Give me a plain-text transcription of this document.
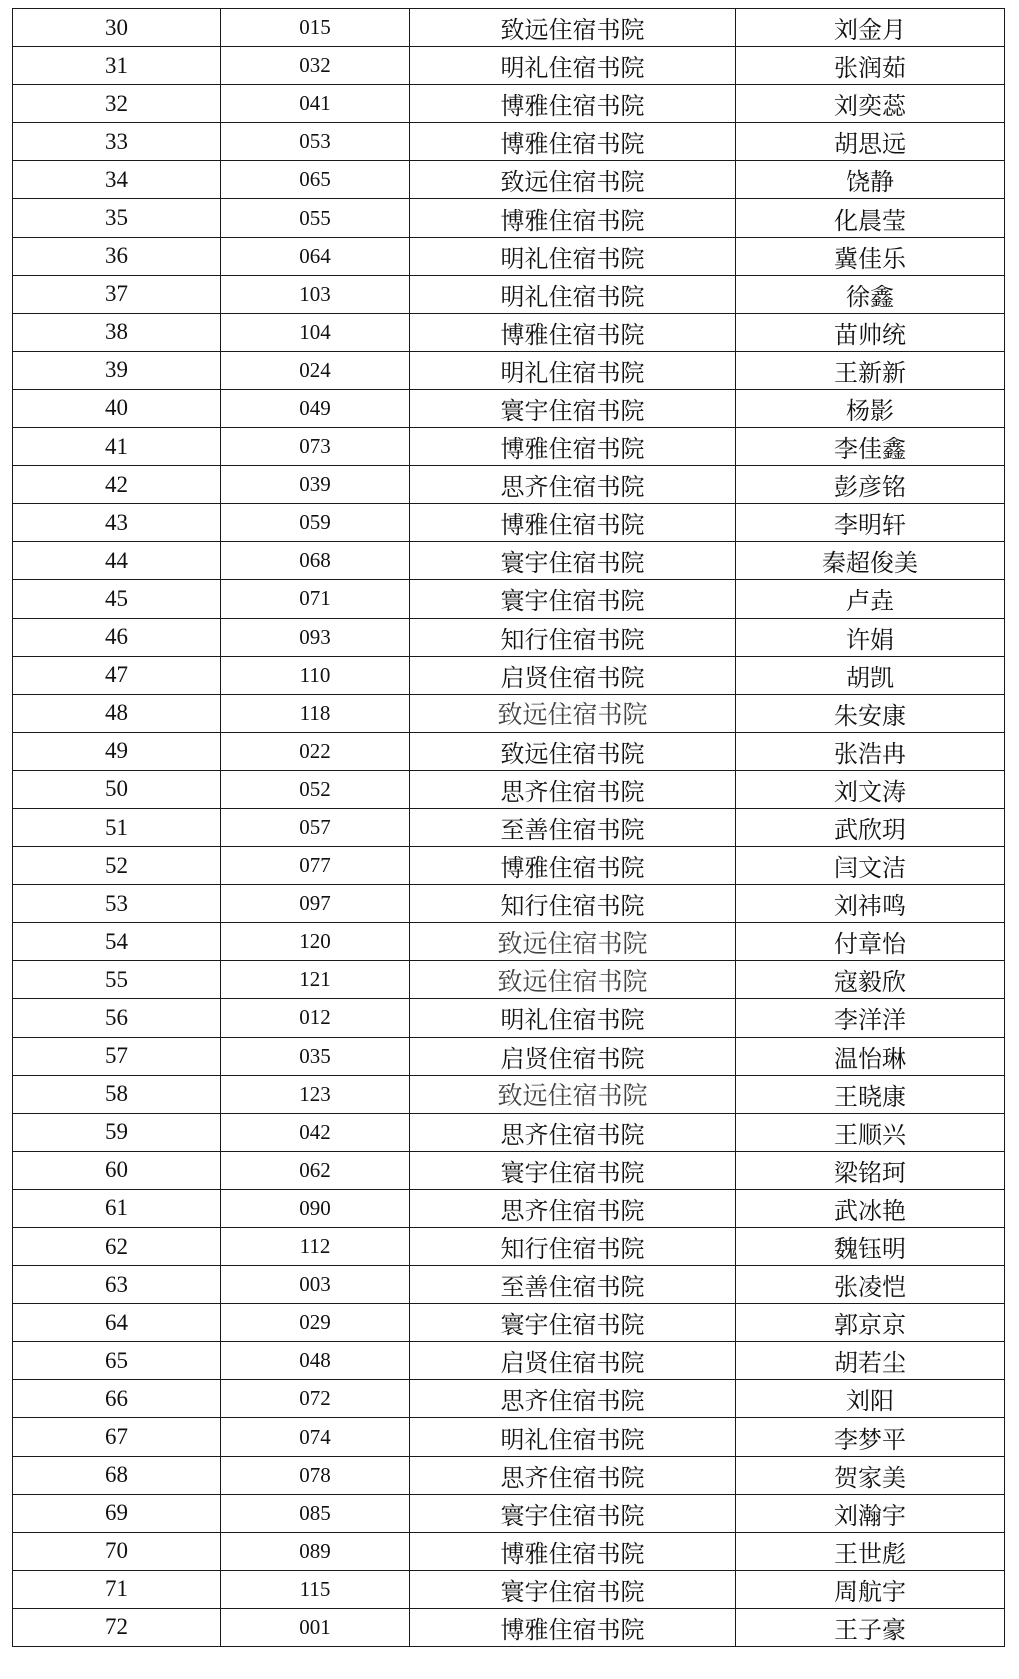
30	015	致远住宿书院	刘金月
31	032	明礼住宿书院	张润茹
32	041	博雅住宿书院	刘奕蕊
33	053	博雅住宿书院	胡思远
34	065	致远住宿书院	饶静
35	055	博雅住宿书院	化晨莹
36	064	明礼住宿书院	冀佳乐
37	103	明礼住宿书院	徐鑫
38	104	博雅住宿书院	苗帅统
39	024	明礼住宿书院	王新新
40	049	寰宇住宿书院	杨影
41	073	博雅住宿书院	李佳鑫
42	039	思齐住宿书院	彭彦铭
43	059	博雅住宿书院	李明轩
44	068	寰宇住宿书院	秦超俊美
45	071	寰宇住宿书院	卢垚
46	093	知行住宿书院	许娟
47	110	启贤住宿书院	胡凯
48	118	致远住宿书院	朱安康
49	022	致远住宿书院	张浩冉
50	052	思齐住宿书院	刘文涛
51	057	至善住宿书院	武欣玥
52	077	博雅住宿书院	闫文洁
53	097	知行住宿书院	刘祎鸣
54	120	致远住宿书院	付章怡
55	121	致远住宿书院	寇毅欣
56	012	明礼住宿书院	李洋洋
57	035	启贤住宿书院	温怡琳
58	123	致远住宿书院	王晓康
59	042	思齐住宿书院	王顺兴
60	062	寰宇住宿书院	梁铭珂
61	090	思齐住宿书院	武冰艳
62	112	知行住宿书院	魏钰明
63	003	至善住宿书院	张凌恺
64	029	寰宇住宿书院	郭京京
65	048	启贤住宿书院	胡若尘
66	072	思齐住宿书院	刘阳
67	074	明礼住宿书院	李梦平
68	078	思齐住宿书院	贺家美
69	085	寰宇住宿书院	刘瀚宇
70	089	博雅住宿书院	王世彪
71	115	寰宇住宿书院	周航宇
72	001	博雅住宿书院	王子豪
